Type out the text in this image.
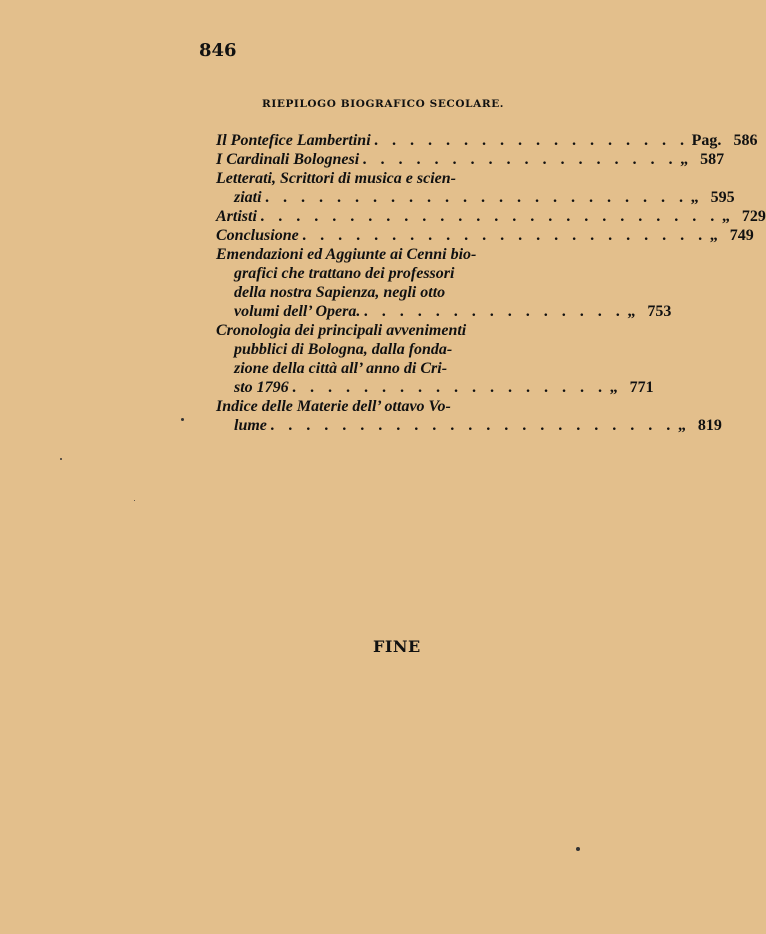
846
RIEPILOGO BIOGRAFICO SECOLARE.
Il Pontefice Lambertini . . . . . . . . . . . . . . . . . . Pag. 586
I Cardinali Bolognesi . . . . . . . . . . . . . . . . . . „ 587
Letterati, Scrittori di musica e scien-
ziati . . . . . . . . . . . . . . . . . . . . . . . . „ 595
Artisti . . . . . . . . . . . . . . . . . . . . . . . . . . „ 729
Conclusione . . . . . . . . . . . . . . . . . . . . . . . „ 749
Emendazioni ed Aggiunte ai Cenni bio-
grafici che trattano dei professori
della nostra Sapienza, negli otto
volumi dell’ Opera. . . . . . . . . . . . . . . . „ 753
Cronologia dei principali avvenimenti
pubblici di Bologna, dalla fonda-
zione della città all’ anno di Cri-
sto 1796 . . . . . . . . . . . . . . . . . . „ 771
Indice delle Materie dell’ ottavo Vo-
lume . . . . . . . . . . . . . . . . . . . . . . . „ 819
FINE
